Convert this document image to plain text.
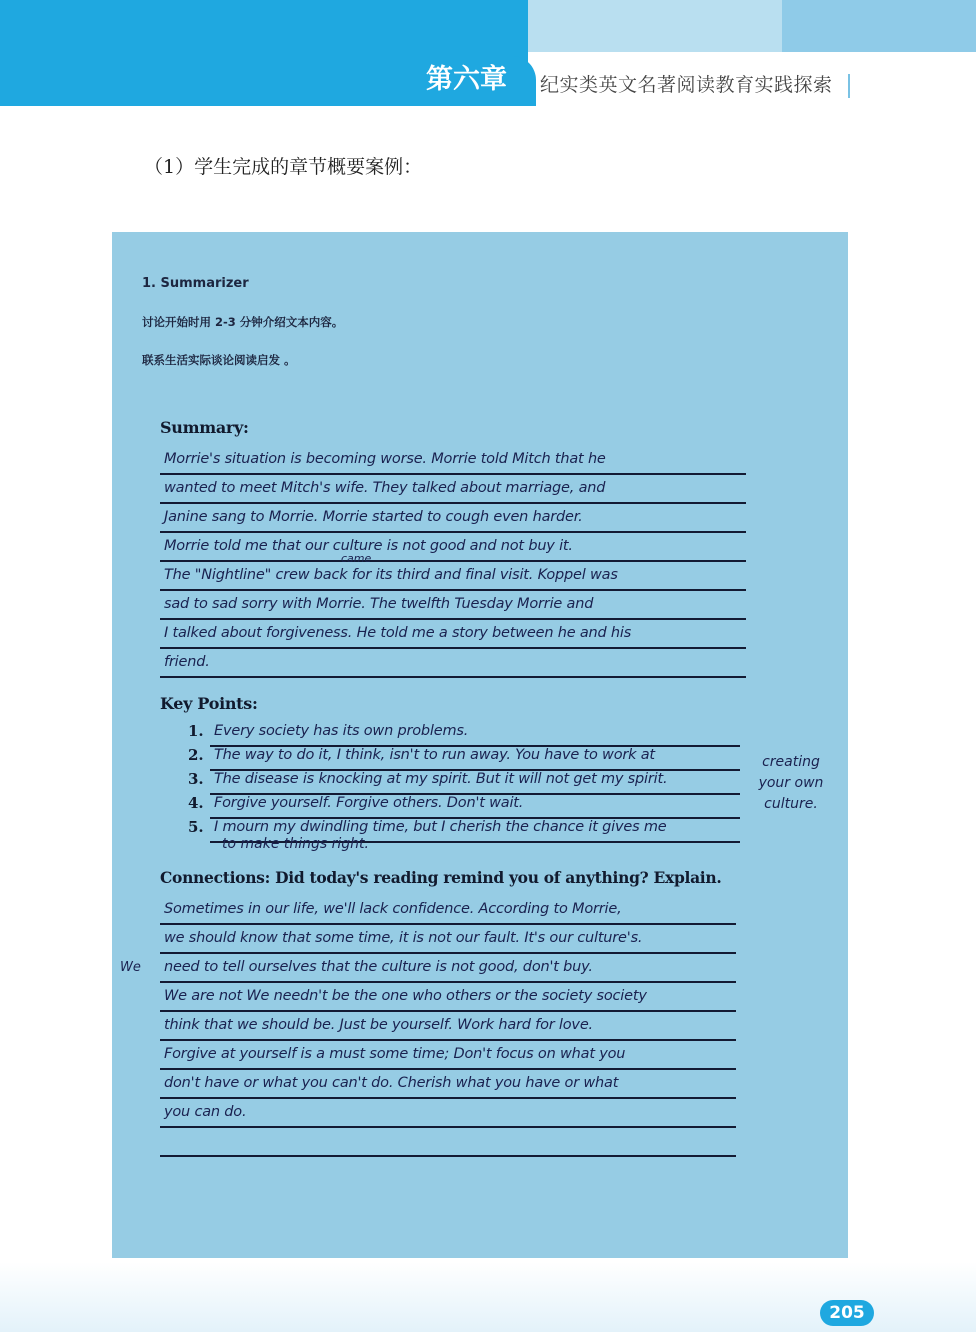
第六章	纪实类英文名著阅读教育实践探索
（1）学生完成的章节概要案例：
1. Summarizer
讨论开始时用 2-3 分钟介绍文本内容。
联系生活实际谈论阅读启发 。
Summary:
Morrie's situation is becoming worse. Morrie told Mitch that he
wanted to meet Mitch's wife. They talked about marriage, and
Janine sang to Morrie. Morrie started to cough even harder.
Morrie told me that our culture is not good and not buy it.
came
The "Nightline" crew back for its third and final visit. Koppel was
sad to sad sorry with Morrie. The twelfth Tuesday Morrie and
I talked about forgiveness. He told me a story between he and his
friend.
Key Points:
1. Every society has its own problems.
2. The way to do it, I think, isn't to run away. You have to work at
3. The disease is knocking at my spirit. But it will not get my spirit.
4. Forgive yourself. Forgive others. Don't wait.
5. I mourn my dwindling time, but I cherish the chance it gives me
to make things right.
creating your own culture.
Connections: Did today's reading remind you of anything? Explain.
Sometimes in our life, we'll lack confidence. According to Morrie,
we should know that some time, it is not our fault. It's our culture's.
We need to tell ourselves that the culture is not good, don't buy.
We are not We needn't be the one who others or the society society
think that we should be. Just be yourself. Work hard for love.
Forgive at yourself is a must some time; Don't focus on what you
don't have or what you can't do. Cherish what you have or what
you can do.
205
